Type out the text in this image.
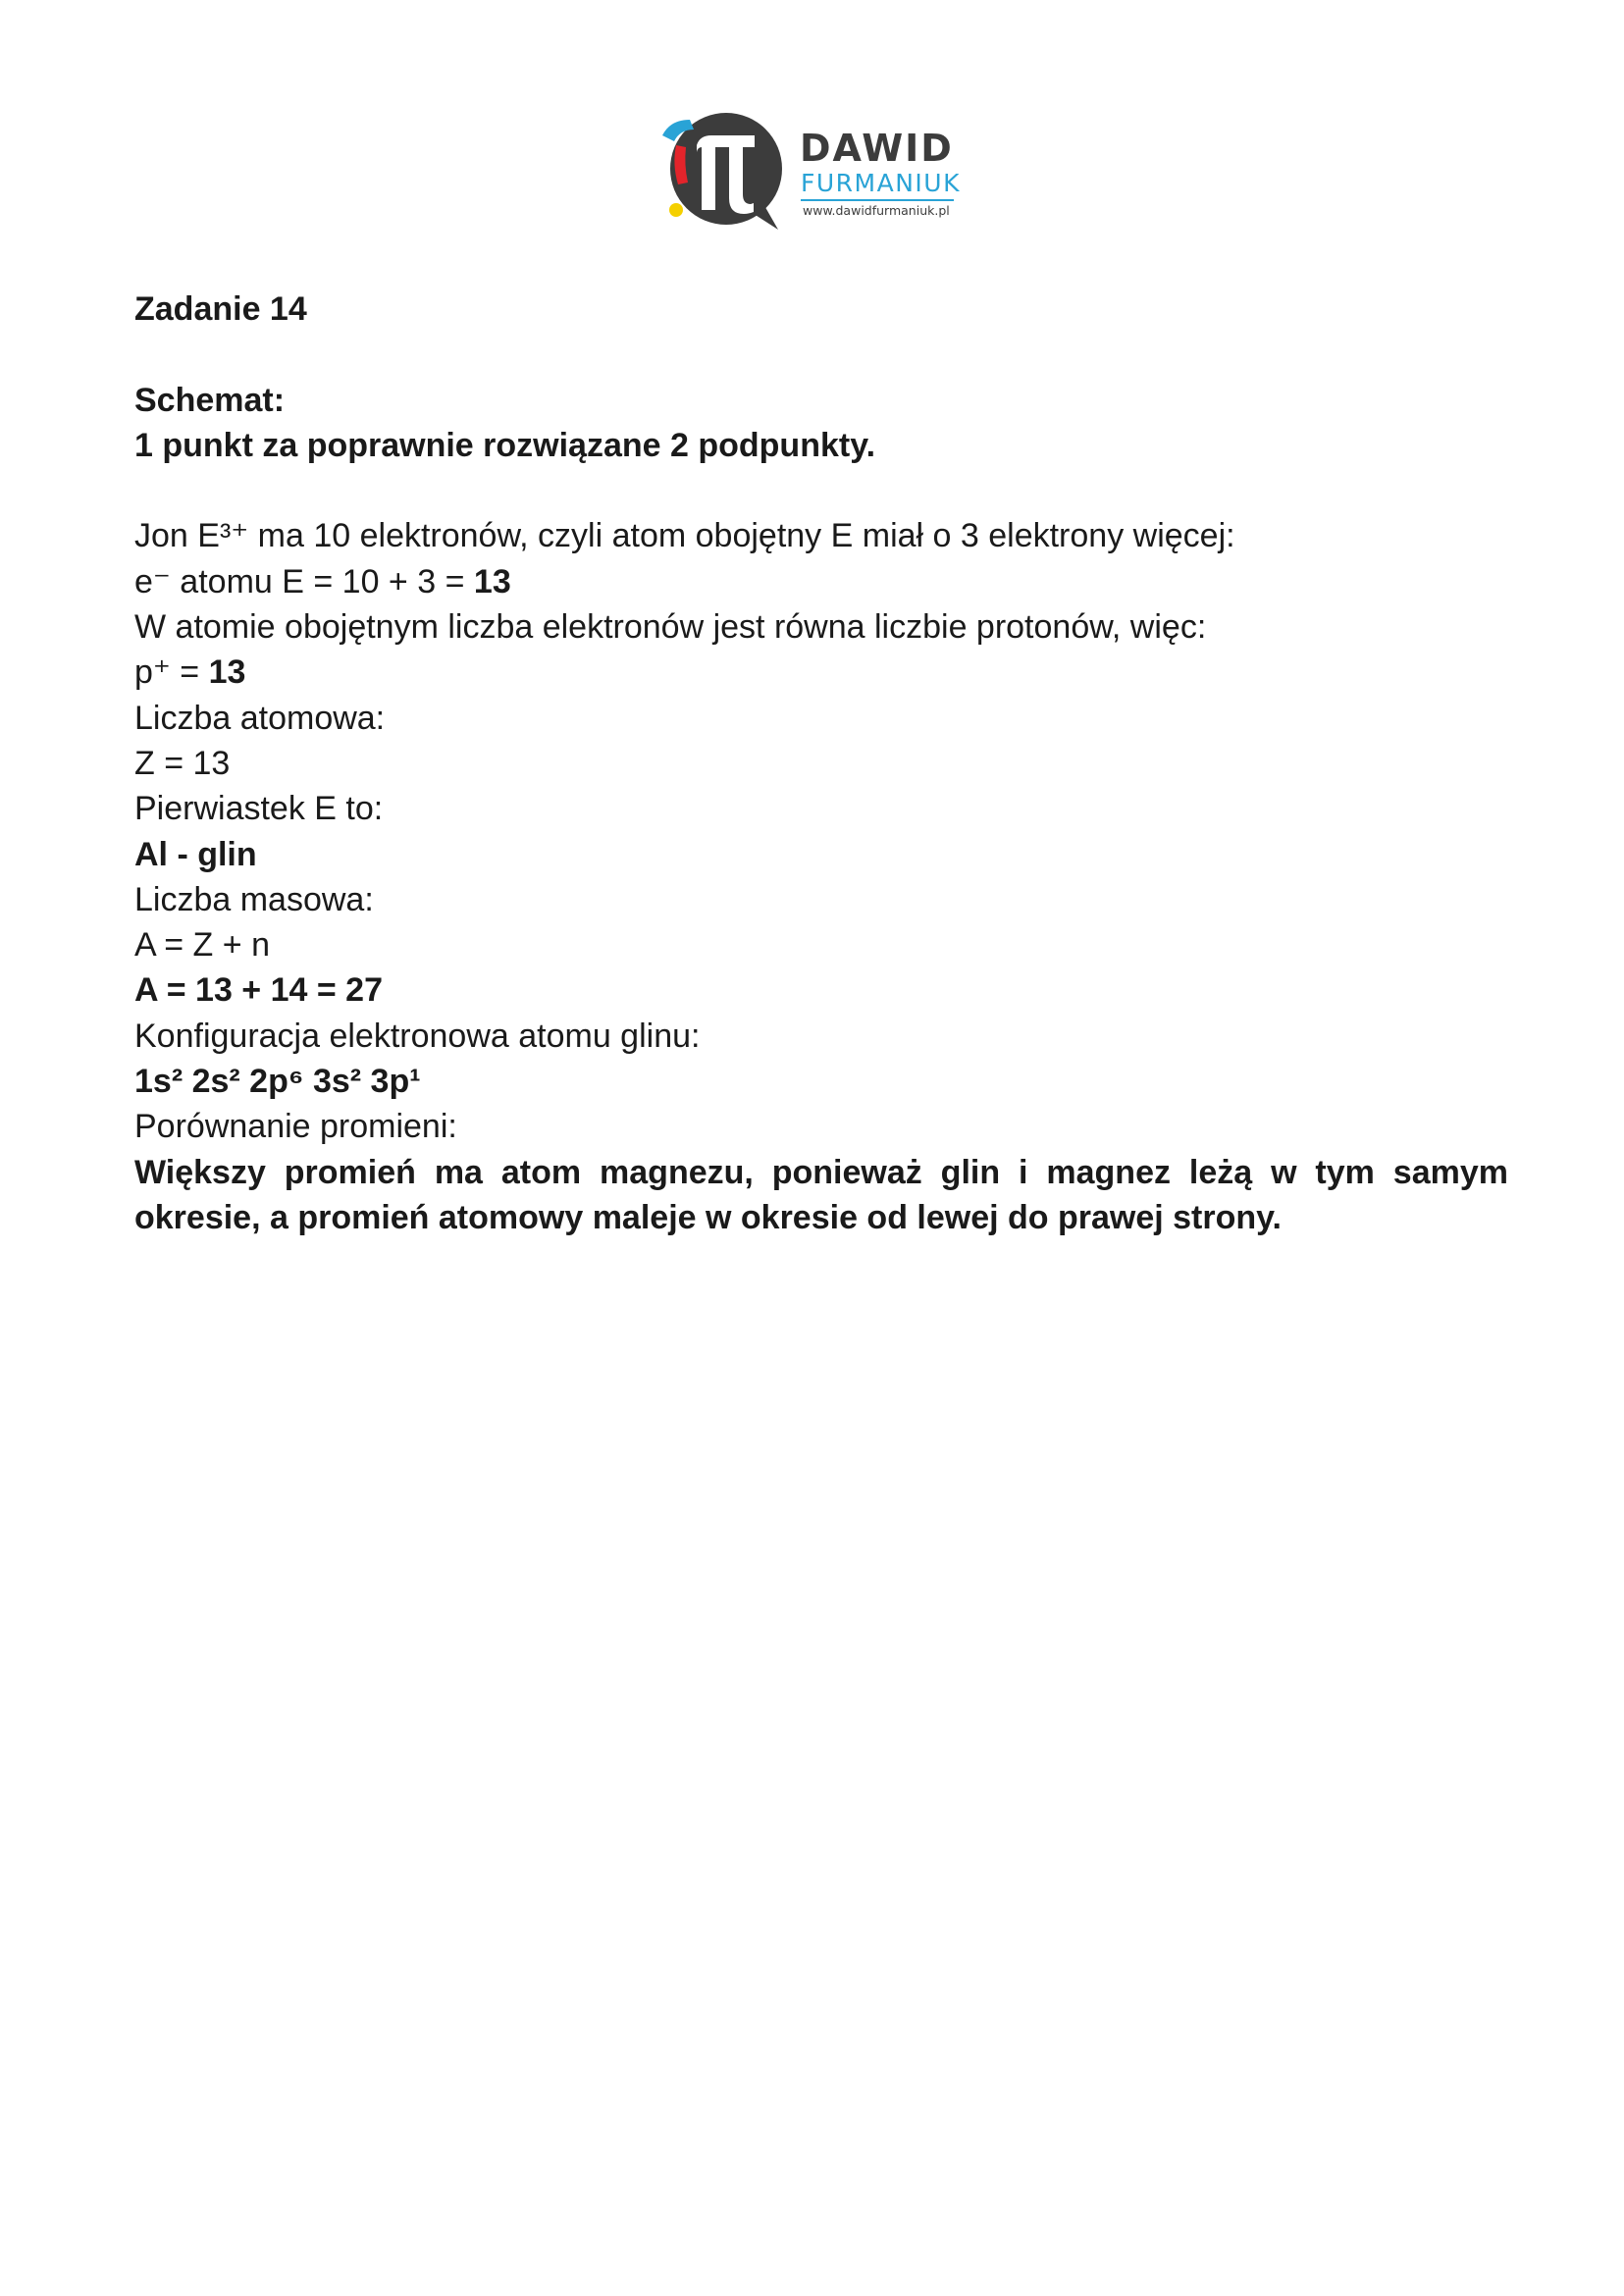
DAWID
FURMANIUK
www.dawidfurmaniuk.pl

Zadanie 14

Schemat:

1 punkt za poprawnie rozwiązane 2 podpunkty.

Jon E³⁺ ma 10 elektronów, czyli atom obojętny E miał o 3 elektrony więcej:

e⁻ atomu E = 10 + 3 = 13

W atomie obojętnym liczba elektronów jest równa liczbie protonów, więc:

p⁺ = 13

Liczba atomowa:

Z = 13

Pierwiastek E to:

Al - glin

Liczba masowa:

A = Z + n

A = 13 + 14 = 27

Konfiguracja elektronowa atomu glinu:

1s² 2s² 2p⁶ 3s² 3p¹

Porównanie promieni:

Większy promień ma atom magnezu, ponieważ glin i magnez leżą w tym samym okresie, a promień atomowy maleje w okresie od lewej do prawej strony.
